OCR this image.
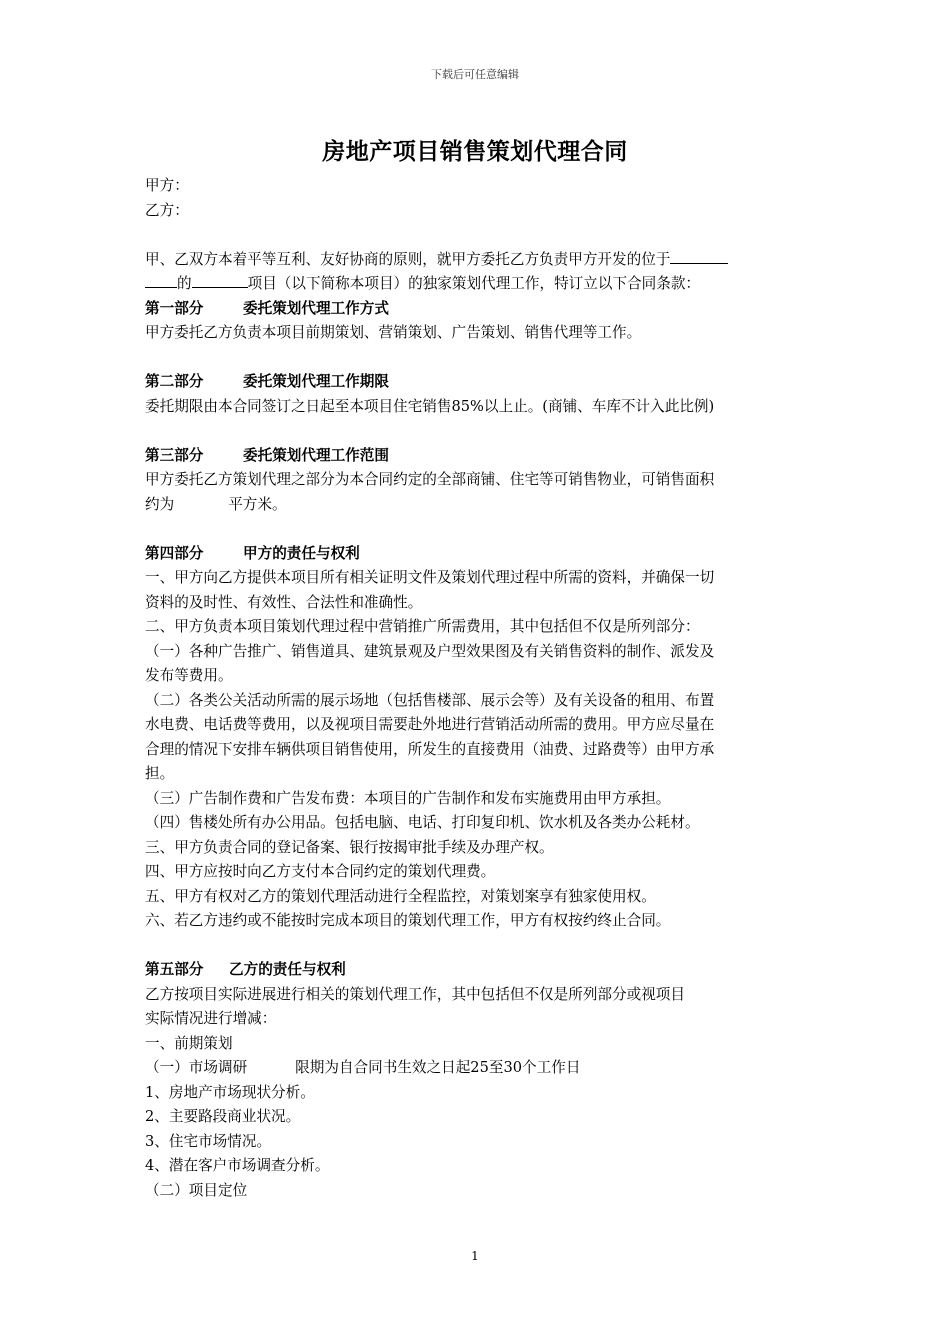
下载后可任意编辑
房地产项目销售策划代理合同
甲方：
乙方：
甲、乙双方本着平等互利、友好协商的原则，就甲方委托乙方负责甲方开发的位于
的	项目（以下简称本项目）的独家策划代理工作，特订立以下合同条款：
第一部分	委托策划代理工作方式
甲方委托乙方负责本项目前期策划、营销策划、广告策划、销售代理等工作。
第二部分	委托策划代理工作期限
委托期限由本合同签订之日起至本项目住宅销售85%以上止。(商铺、车库不计入此比例)
第三部分	委托策划代理工作范围
甲方委托乙方策划代理之部分为本合同约定的全部商铺、住宅等可销售物业，可销售面积
约为	平方米。
第四部分	甲方的责任与权利
一、甲方向乙方提供本项目所有相关证明文件及策划代理过程中所需的资料，并确保一切
资料的及时性、有效性、合法性和准确性。
二、甲方负责本项目策划代理过程中营销推广所需费用，其中包括但不仅是所列部分：
（一）各种广告推广、销售道具、建筑景观及户型效果图及有关销售资料的制作、派发及
发布等费用。
（二）各类公关活动所需的展示场地（包括售楼部、展示会等）及有关设备的租用、布置
水电费、电话费等费用，以及视项目需要赴外地进行营销活动所需的费用。甲方应尽量在
合理的情况下安排车辆供项目销售使用，所发生的直接费用（油费、过路费等）由甲方承
担。
（三）广告制作费和广告发布费：本项目的广告制作和发布实施费用由甲方承担。
（四）售楼处所有办公用品。包括电脑、电话、打印复印机、饮水机及各类办公耗材。
三、甲方负责合同的登记备案、银行按揭审批手续及办理产权。
四、甲方应按时向乙方支付本合同约定的策划代理费。
五、甲方有权对乙方的策划代理活动进行全程监控，对策划案享有独家使用权。
六、若乙方违约或不能按时完成本项目的策划代理工作，甲方有权按约终止合同。
第五部分 乙方的责任与权利
乙方按项目实际进展进行相关的策划代理工作，其中包括但不仅是所列部分或视项目
实际情况进行增减：
一、前期策划
（一）市场调研	限期为自合同书生效之日起25至30个工作日
1、房地产市场现状分析。
2、主要路段商业状况。
3、住宅市场情况。
4、潜在客户市场调查分析。
（二）项目定位
1
